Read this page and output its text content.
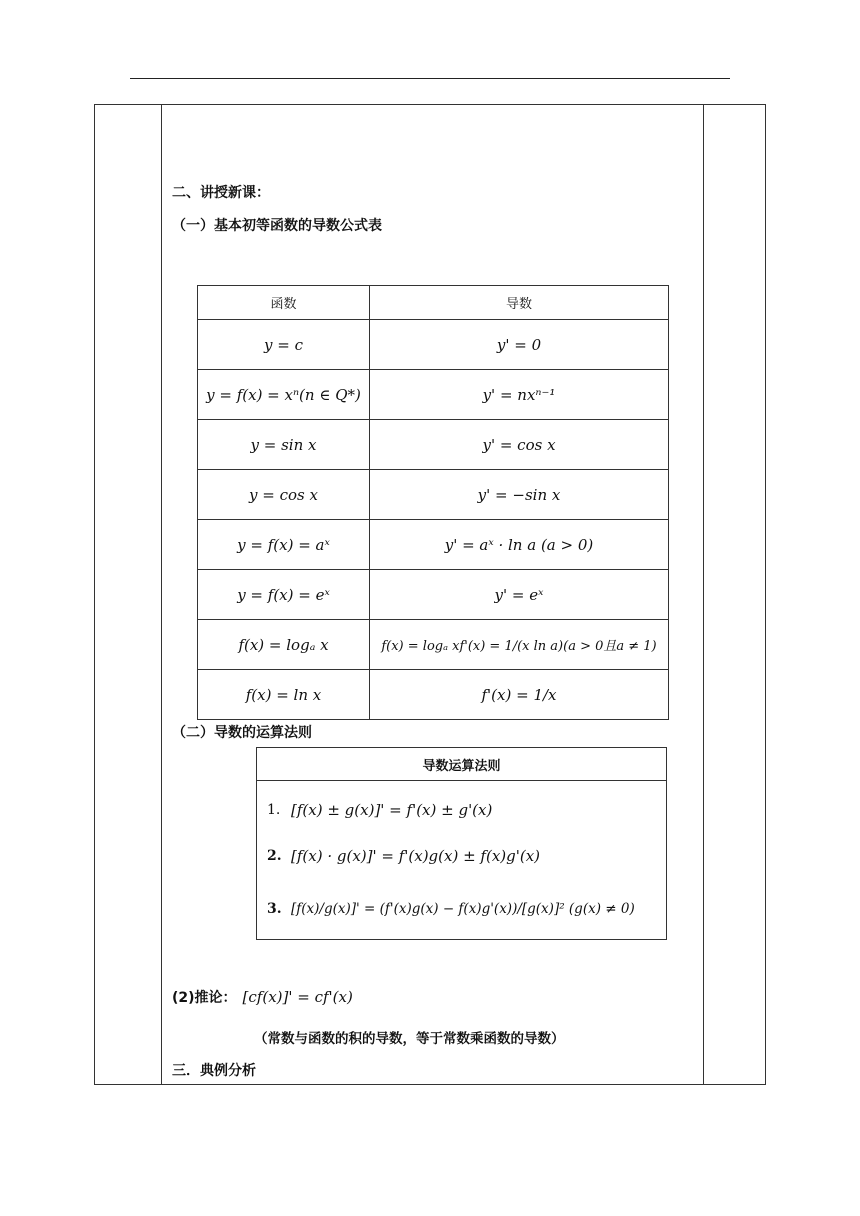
二、讲授新课：
（一）基本初等函数的导数公式表
函数	导数
y = c	y' = 0
y = f(x) = xⁿ(n ∈ Q*)	y' = nxⁿ⁻¹
y = sin x	y' = cos x
y = cos x	y' = −sin x
y = f(x) = aˣ	y' = aˣ · ln a (a > 0)
y = f(x) = eˣ	y' = eˣ
f(x) = logₐ x	f(x) = logₐ xf'(x) = 1/(x ln a)(a > 0且a ≠ 1)
f(x) = ln x	f'(x) = 1/x
（二）导数的运算法则
导数运算法则

1. [f(x) ± g(x)]' = f'(x) ± g'(x)
2. [f(x) · g(x)]' = f'(x)g(x) ± f(x)g'(x)
3. [f(x)/g(x)]' = (f'(x)g(x) − f(x)g'(x))/[g(x)]² (g(x) ≠ 0)
(2)推论： [cf(x)]' = cf'(x)
（常数与函数的积的导数，等于常数乘函数的导数）
三．典例分析
